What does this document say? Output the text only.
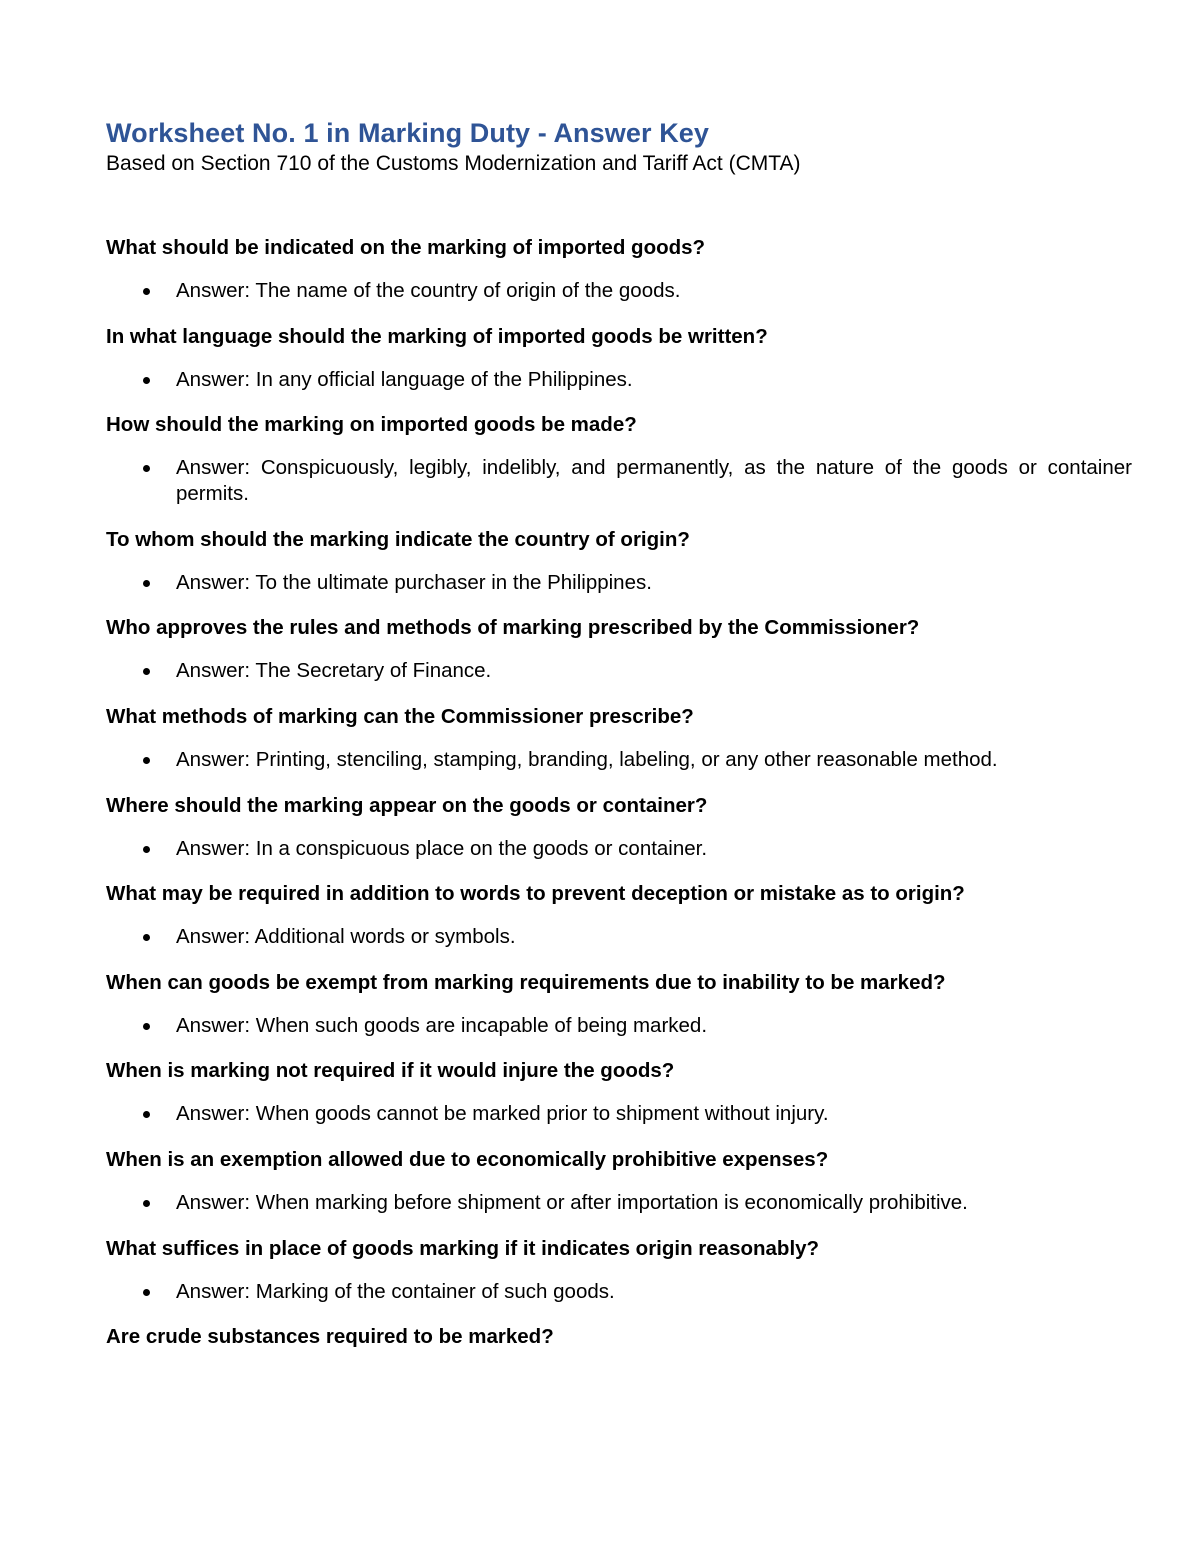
Worksheet No. 1 in Marking Duty - Answer Key

Based on Section 710 of the Customs Modernization and Tariff Act (CMTA)

What should be indicated on the marking of imported goods?
Answer: The name of the country of origin of the goods.
In what language should the marking of imported goods be written?
Answer: In any official language of the Philippines.
How should the marking on imported goods be made?
Answer: Conspicuously, legibly, indelibly, and permanently, as the nature of the goods or container permits.
To whom should the marking indicate the country of origin?
Answer: To the ultimate purchaser in the Philippines.
Who approves the rules and methods of marking prescribed by the Commissioner?
Answer: The Secretary of Finance.
What methods of marking can the Commissioner prescribe?
Answer: Printing, stenciling, stamping, branding, labeling, or any other reasonable method.
Where should the marking appear on the goods or container?
Answer: In a conspicuous place on the goods or container.
What may be required in addition to words to prevent deception or mistake as to origin?
Answer: Additional words or symbols.
When can goods be exempt from marking requirements due to inability to be marked?
Answer: When such goods are incapable of being marked.
When is marking not required if it would injure the goods?
Answer: When goods cannot be marked prior to shipment without injury.
When is an exemption allowed due to economically prohibitive expenses?
Answer: When marking before shipment or after importation is economically prohibitive.
What suffices in place of goods marking if it indicates origin reasonably?
Answer: Marking of the container of such goods.
Are crude substances required to be marked?
